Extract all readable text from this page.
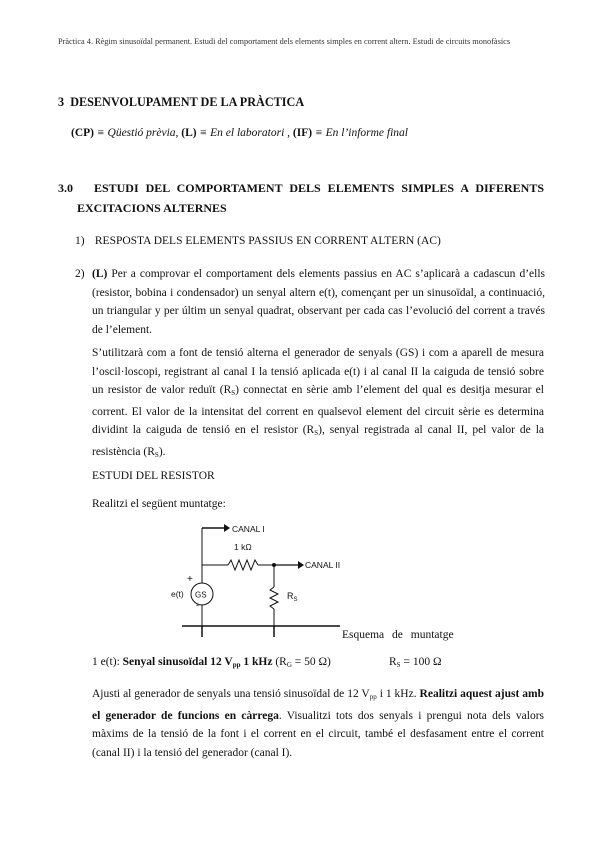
Pràctica 4. Règim sinusoïdal permanent. Estudi del comportament dels elements simples en corrent altern. Estudi de circuits monofàsics
3 DESENVOLUPAMENT DE LA PRÀCTICA
(CP) ≡ Qüestió prèvia, (L) ≡ En el laboratori , (IF) ≡ En l’informe final
3.0 ESTUDI DEL COMPORTAMENT DELS ELEMENTS SIMPLES A DIFERENTS
EXCITACIONS ALTERNES
1) RESPOSTA DELS ELEMENTS PASSIUS EN CORRENT ALTERN (AC)
2) (L) Per a comprovar el comportament dels elements passius en AC s’aplicarà a cadascun d’ells (resistor, bobina i condensador) un senyal altern e(t), començant per un sinusoïdal, a continuació, un triangular y per últim un senyal quadrat, observant per cada cas l’evolució del corrent a través de l’element.
S’utilitzarà com a font de tensió alterna el generador de senyals (GS) i com a aparell de mesura l’oscil·loscopi, registrant al canal I la tensió aplicada e(t) i al canal II la caiguda de tensió sobre un resistor de valor reduït $(R_S)$ connectat en sèrie amb l’element del qual es desitja mesurar el corrent. El valor de la intensitat del corrent en qualsevol element del circuit sèrie es determina dividint la caiguda de tensió en el resistor $(R_S)$, senyal registrada al canal II, pel valor de la resistència $(R_S)$.
ESTUDI DEL RESISTOR
Realitzi el següent muntatge:
CANAL I
1 kΩ
CANAL II
$R_S$
GS
+
e(t)
-
Esquema de muntatge
1 e(t): Senyal sinusoïdal 12 $V_{pp}$ 1 kHz ($R_G = 50$ Ω)	$R_S = 100$ Ω
Ajusti al generador de senyals una tensió sinusoïdal de 12 $V_{pp}$ i 1 kHz. Realitzi aquest ajust amb el generador de funcions en càrrega. Visualitzi tots dos senyals i prengui nota dels valors màxims de la tensió de la font i el corrent en el circuit, també el desfasament entre el corrent (canal II) i la tensió del generador (canal I).
